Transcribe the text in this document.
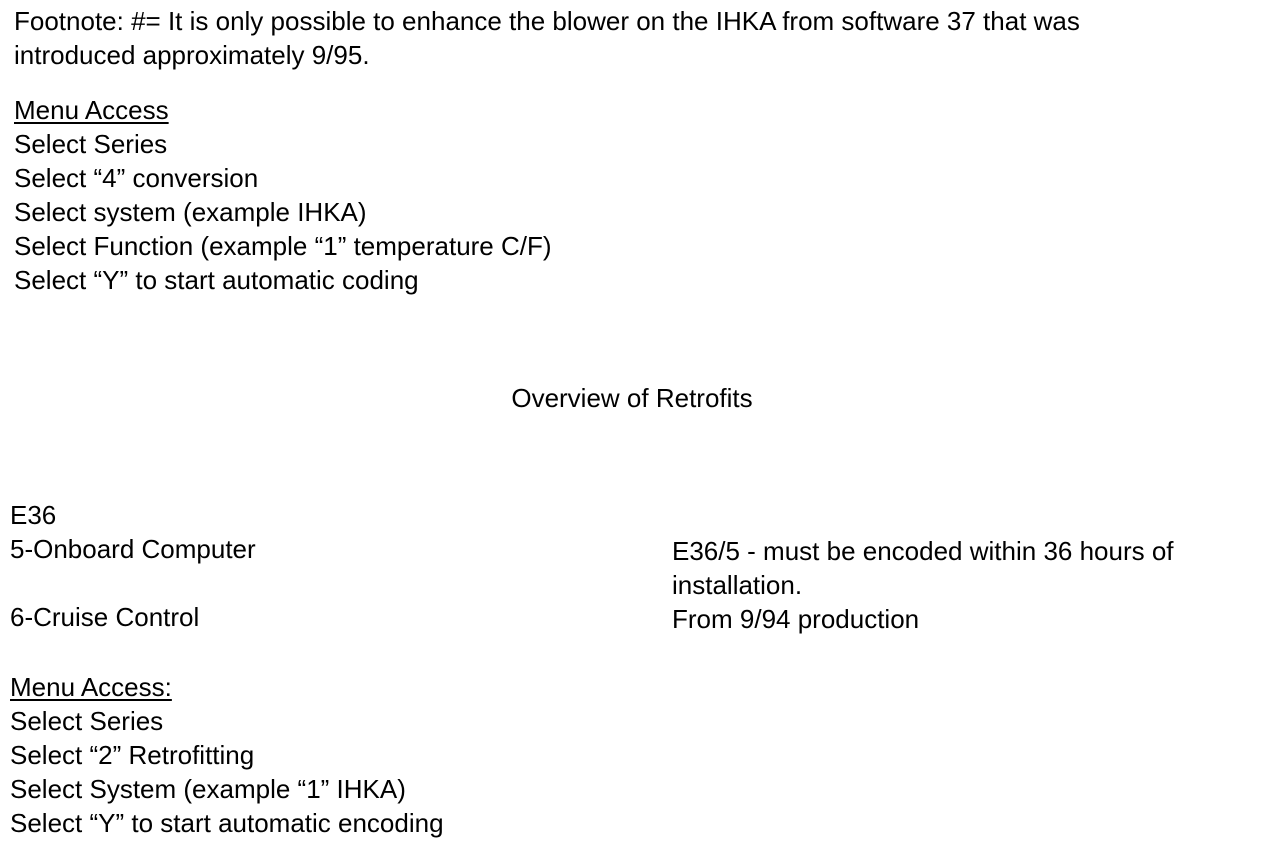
Footnote: #= It is only possible to enhance the blower on the IHKA from software 37 that was
introduced approximately 9/95.
Menu Access
Select Series
Select “4” conversion
Select system (example IHKA)
Select Function (example “1” temperature C/F)
Select “Y” to start automatic coding
Overview of Retrofits
E36
5-Onboard Computer
6-Cruise Control
E36/5 - must be encoded within 36 hours of
installation.
From 9/94 production
Menu Access:
Select Series
Select “2” Retrofitting
Select System (example “1” IHKA)
Select “Y” to start automatic encoding
